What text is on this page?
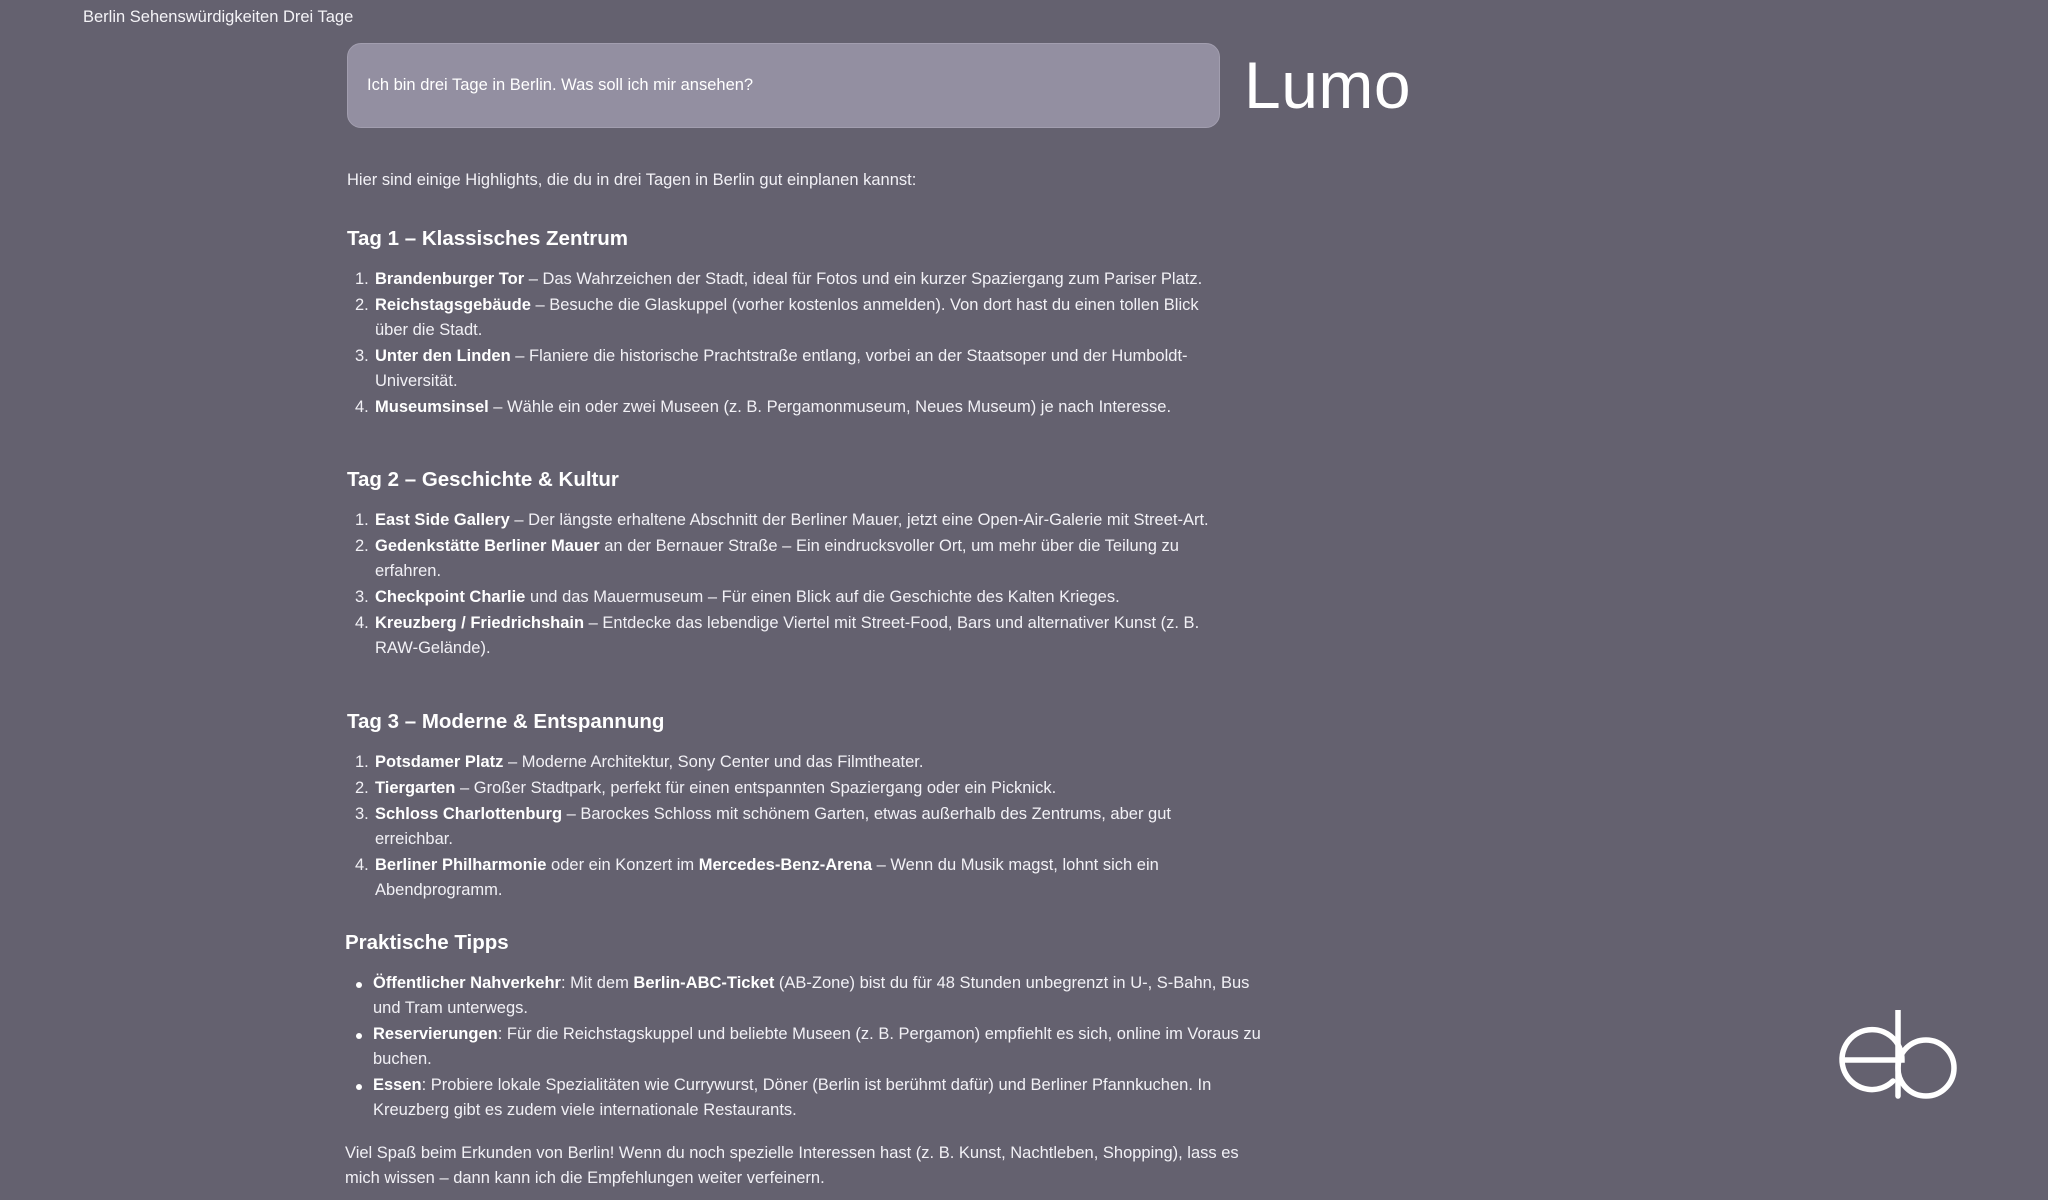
Berlin Sehenswürdigkeiten Drei Tage
Ich bin drei Tage in Berlin. Was soll ich mir ansehen?	Lumo

Hier sind einige Highlights, die du in drei Tagen in Berlin gut einplanen kannst:

Tag 1 – Klassisches Zentrum
1. Brandenburger Tor – Das Wahrzeichen der Stadt, ideal für Fotos und ein kurzer Spaziergang zum Pariser Platz.
2. Reichstagsgebäude – Besuche die Glaskuppel (vorher kostenlos anmelden). Von dort hast du einen tollen Blick über die Stadt.
3. Unter den Linden – Flaniere die historische Prachtstraße entlang, vorbei an der Staatsoper und der Humboldt-Universität.
4. Museumsinsel – Wähle ein oder zwei Museen (z. B. Pergamonmuseum, Neues Museum) je nach Interesse.
Tag 2 – Geschichte & Kultur
1. East Side Gallery – Der längste erhaltene Abschnitt der Berliner Mauer, jetzt eine Open-Air-Galerie mit Street-Art.
2. Gedenkstätte Berliner Mauer an der Bernauer Straße – Ein eindrucksvoller Ort, um mehr über die Teilung zu erfahren.
3. Checkpoint Charlie und das Mauermuseum – Für einen Blick auf die Geschichte des Kalten Krieges.
4. Kreuzberg / Friedrichshain – Entdecke das lebendige Viertel mit Street-Food, Bars und alternativer Kunst (z. B. RAW-Gelände).
Tag 3 – Moderne & Entspannung
1. Potsdamer Platz – Moderne Architektur, Sony Center und das Filmtheater.
2. Tiergarten – Großer Stadtpark, perfekt für einen entspannten Spaziergang oder ein Picknick.
3. Schloss Charlottenburg – Barockes Schloss mit schönem Garten, etwas außerhalb des Zentrums, aber gut erreichbar.
4. Berliner Philharmonie oder ein Konzert im Mercedes-Benz-Arena – Wenn du Musik magst, lohnt sich ein Abendprogramm.
Praktische Tipps
Öffentlicher Nahverkehr: Mit dem Berlin-ABC-Ticket (AB-Zone) bist du für 48 Stunden unbegrenzt in U-, S-Bahn, Bus und Tram unterwegs.
Reservierungen: Für die Reichstagskuppel und beliebte Museen (z. B. Pergamon) empfiehlt es sich, online im Voraus zu buchen.
Essen: Probiere lokale Spezialitäten wie Currywurst, Döner (Berlin ist berühmt dafür) und Berliner Pfannkuchen. In Kreuzberg gibt es zudem viele internationale Restaurants.

Viel Spaß beim Erkunden von Berlin! Wenn du noch spezielle Interessen hast (z. B. Kunst, Nachtleben, Shopping), lass es mich wissen – dann kann ich die Empfehlungen weiter verfeinern.
